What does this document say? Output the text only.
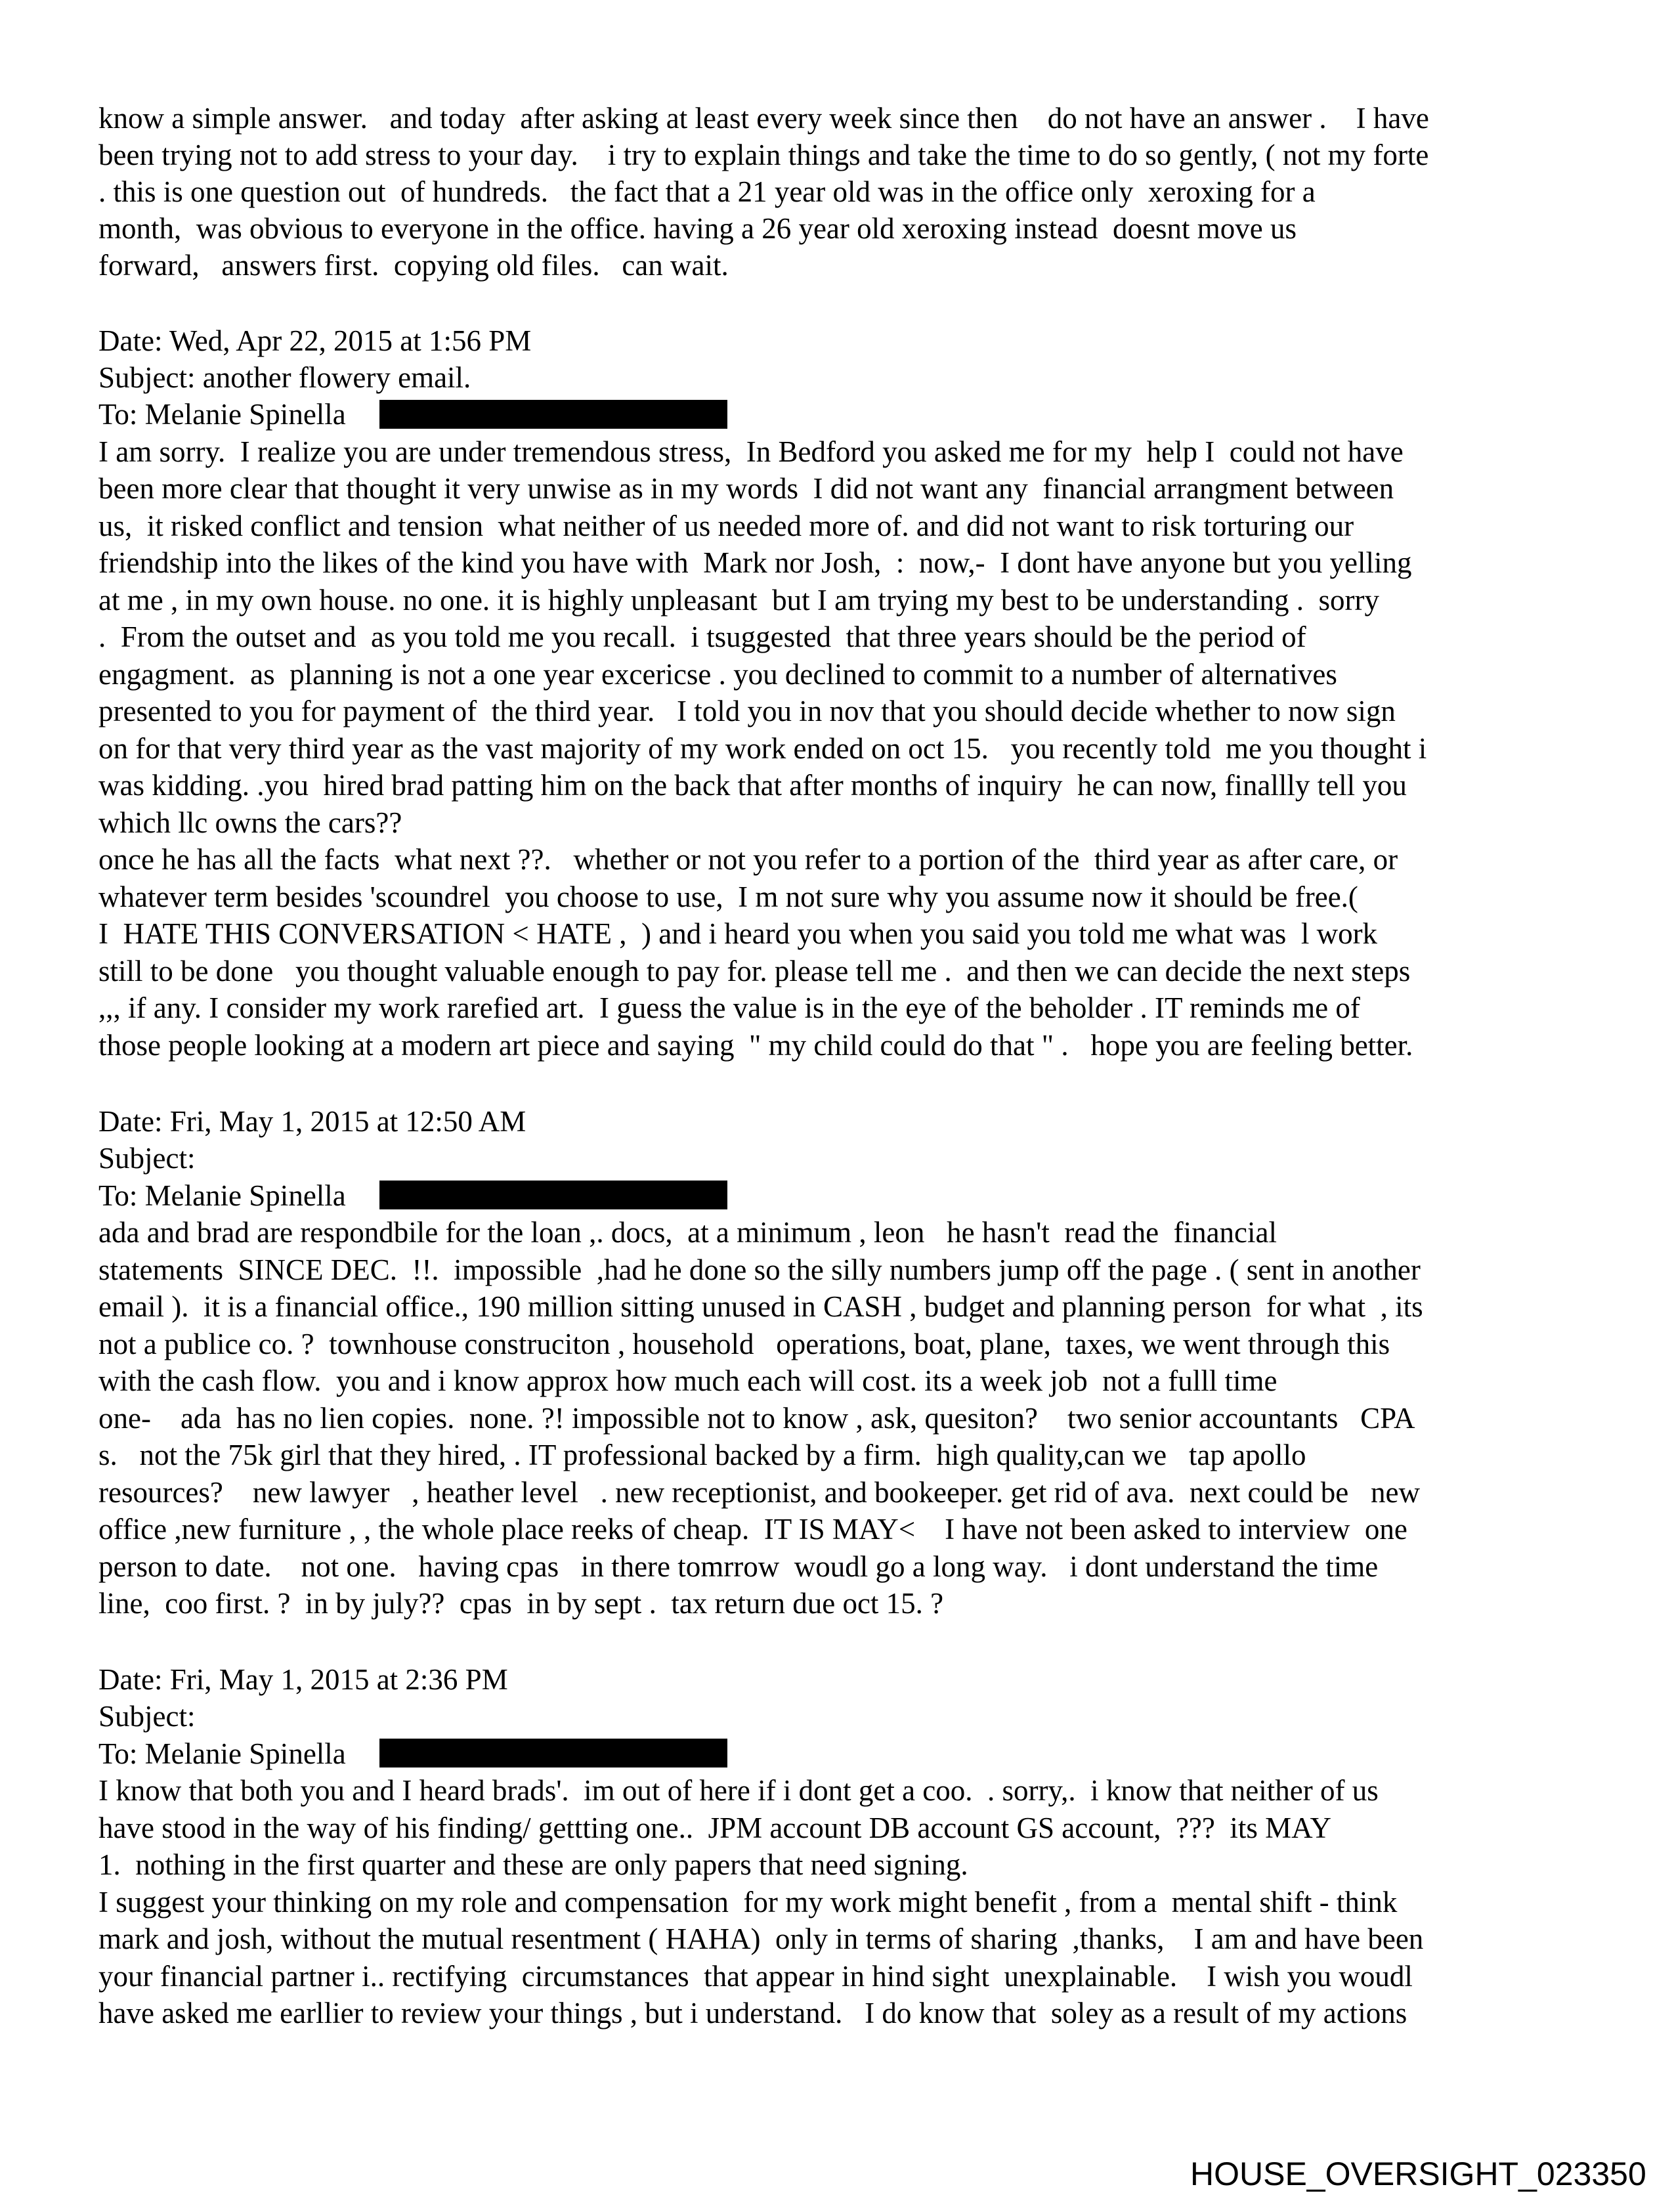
know a simple answer.   and today  after asking at least every week since then    do not have an answer .    I have
been trying not to add stress to your day.    i try to explain things and take the time to do so gently, ( not my forte
. this is one question out  of hundreds.   the fact that a 21 year old was in the office only  xeroxing for a
month,  was obvious to everyone in the office. having a 26 year old xeroxing instead  doesnt move us
forward,   answers first.  copying old files.   can wait.
Date: Wed, Apr 22, 2015 at 1:56 PM
Subject: another flowery email.
To: Melanie Spinella
I am sorry.  I realize you are under tremendous stress,  In Bedford you asked me for my  help I  could not have
been more clear that thought it very unwise as in my words  I did not want any  financial arrangment between
us,  it risked conflict and tension  what neither of us needed more of. and did not want to risk torturing our
friendship into the likes of the kind you have with  Mark nor Josh,  :  now,-  I dont have anyone but you yelling
at me , in my own house. no one. it is highly unpleasant  but I am trying my best to be understanding .  sorry
.  From the outset and  as you told me you recall.  i tsuggested  that three years should be the period of
engagment.  as  planning is not a one year excericse . you declined to commit to a number of alternatives
presented to you for payment of  the third year.   I told you in nov that you should decide whether to now sign
on for that very third year as the vast majority of my work ended on oct 15.   you recently told  me you thought i
was kidding. .you  hired brad patting him on the back that after months of inquiry  he can now, finallly tell you
which llc owns the cars??
once he has all the facts  what next ??.   whether or not you refer to a portion of the  third year as after care, or
whatever term besides 'scoundrel  you choose to use,  I m not sure why you assume now it should be free.(
I  HATE THIS CONVERSATION < HATE ,  ) and i heard you when you said you told me what was  l work
still to be done   you thought valuable enough to pay for. please tell me .  and then we can decide the next steps
,,, if any. I consider my work rarefied art.  I guess the value is in the eye of the beholder . IT reminds me of
those people looking at a modern art piece and saying  " my child could do that " .   hope you are feeling better.
Date: Fri, May 1, 2015 at 12:50 AM
Subject:
To: Melanie Spinella
ada and brad are respondbile for the loan ,. docs,  at a minimum , leon   he hasn't  read the  financial
statements  SINCE DEC.  !!.  impossible  ,had he done so the silly numbers jump off the page . ( sent in another
email ).  it is a financial office., 190 million sitting unused in CASH , budget and planning person  for what  , its
not a publice co. ?  townhouse construciton , household   operations, boat, plane,  taxes, we went through this
with the cash flow.  you and i know approx how much each will cost. its a week job  not a fulll time
one-    ada  has no lien copies.  none. ?! impossible not to know , ask, quesiton?    two senior accountants   CPA
s.   not the 75k girl that they hired, . IT professional backed by a firm.  high quality,can we   tap apollo
resources?    new lawyer   , heather level   . new receptionist, and bookeeper. get rid of ava.  next could be   new
office ,new furniture , , the whole place reeks of cheap.  IT IS MAY<    I have not been asked to interview  one
person to date.    not one.   having cpas   in there tomrrow  woudl go a long way.   i dont understand the time
line,  coo first. ?  in by july??  cpas  in by sept .  tax return due oct 15. ?
Date: Fri, May 1, 2015 at 2:36 PM
Subject:
To: Melanie Spinella
I know that both you and I heard brads'.  im out of here if i dont get a coo.  . sorry,.  i know that neither of us
have stood in the way of his finding/ gettting one..  JPM account DB account GS account,  ???  its MAY
1.  nothing in the first quarter and these are only papers that need signing.
I suggest your thinking on my role and compensation  for my work might benefit , from a  mental shift - think
mark and josh, without the mutual resentment ( HAHA)  only in terms of sharing  ,thanks,    I am and have been
your financial partner i.. rectifying  circumstances  that appear in hind sight  unexplainable.    I wish you woudl
have asked me earllier to review your things , but i understand.   I do know that  soley as a result of my actions
HOUSE_OVERSIGHT_023350
